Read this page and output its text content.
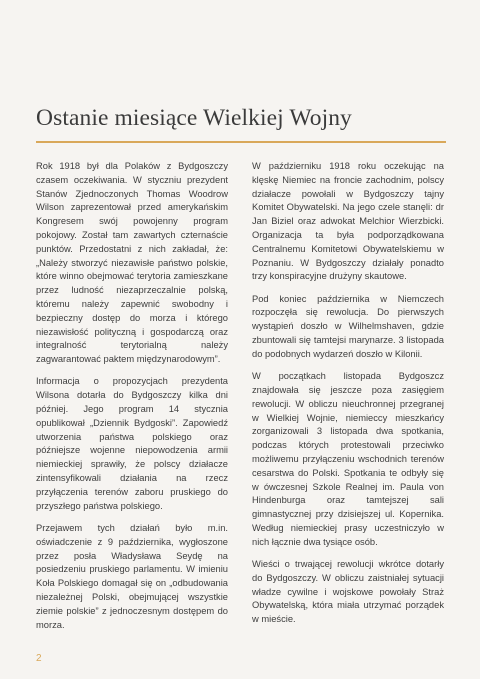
Ostanie miesiące Wielkiej Wojny

Rok 1918 był dla Polaków z Bydgoszczy czasem oczekiwania. W styczniu prezydent Stanów Zjednoczonych Thomas Woodrow Wilson zaprezentował przed amerykańskim Kongresem swój powojenny program pokojowy. Został tam zawartych czternaście punktów. Przedostatni z nich zakładał, że: „Należy stworzyć niezawisłe państwo polskie, które winno obejmować terytoria zamieszkane przez ludność niezaprzeczalnie polską, któremu należy zapewnić swobodny i bezpieczny dostęp do morza i którego niezawisłość polityczną i gospodarczą oraz integralność terytorialną należy zagwarantować paktem międzynarodowym”.

Informacja o propozycjach prezydenta Wilsona dotarła do Bydgoszczy kilka dni później. Jego program 14 stycznia opublikował „Dziennik Bydgoski”. Zapowiedź utworzenia państwa polskiego oraz późniejsze wojenne niepowodzenia armii niemieckiej sprawiły, że polscy działacze zintensyfikowali działania na rzecz przyłączenia terenów zaboru pruskiego do przyszłego państwa polskiego.

Przejawem tych działań było m.in. oświadczenie z 9 października, wygłoszone przez posła Władysława Seydę na posiedzeniu pruskiego parlamentu. W imieniu Koła Polskiego domagał się on „odbudowania niezależnej Polski, obejmującej wszystkie ziemie polskie” z jednoczesnym dostępem do morza.

W październiku 1918 roku oczekując na klęskę Niemiec na froncie zachodnim, polscy działacze powołali w Bydgoszczy tajny Komitet Obywatelski. Na jego czele stanęli: dr Jan Biziel oraz adwokat Melchior Wierzbicki. Organizacja ta była podporządkowana Centralnemu Komitetowi Obywatelskiemu w Poznaniu. W Bydgoszczy działały ponadto trzy konspiracyjne drużyny skautowe.

Pod koniec października w Niemczech rozpoczęła się rewolucja. Do pierwszych wystąpień doszło w Wilhelmshaven, gdzie zbuntowali się tamtejsi marynarze. 3 listopada do podobnych wydarzeń doszło w Kilonii.

W początkach listopada Bydgoszcz znajdowała się jeszcze poza zasięgiem rewolucji. W obliczu nieuchronnej przegranej w Wielkiej Wojnie, niemieccy mieszkańcy zorganizowali 3 listopada dwa spotkania, podczas których protestowali przeciwko możliwemu przyłączeniu wschodnich terenów cesarstwa do Polski. Spotkania te odbyły się w ówczesnej Szkole Realnej im. Paula von Hindenburga oraz tamtejszej sali gimnastycznej przy dzisiejszej ul. Kopernika. Według niemieckiej prasy uczestniczyło w nich łącznie dwa tysiące osób.

Wieści o trwającej rewolucji wkrótce dotarły do Bydgoszczy. W obliczu zaistniałej sytuacji władze cywilne i wojskowe powołały Straż Obywatelską, która miała utrzymać porządek w mieście.

2
